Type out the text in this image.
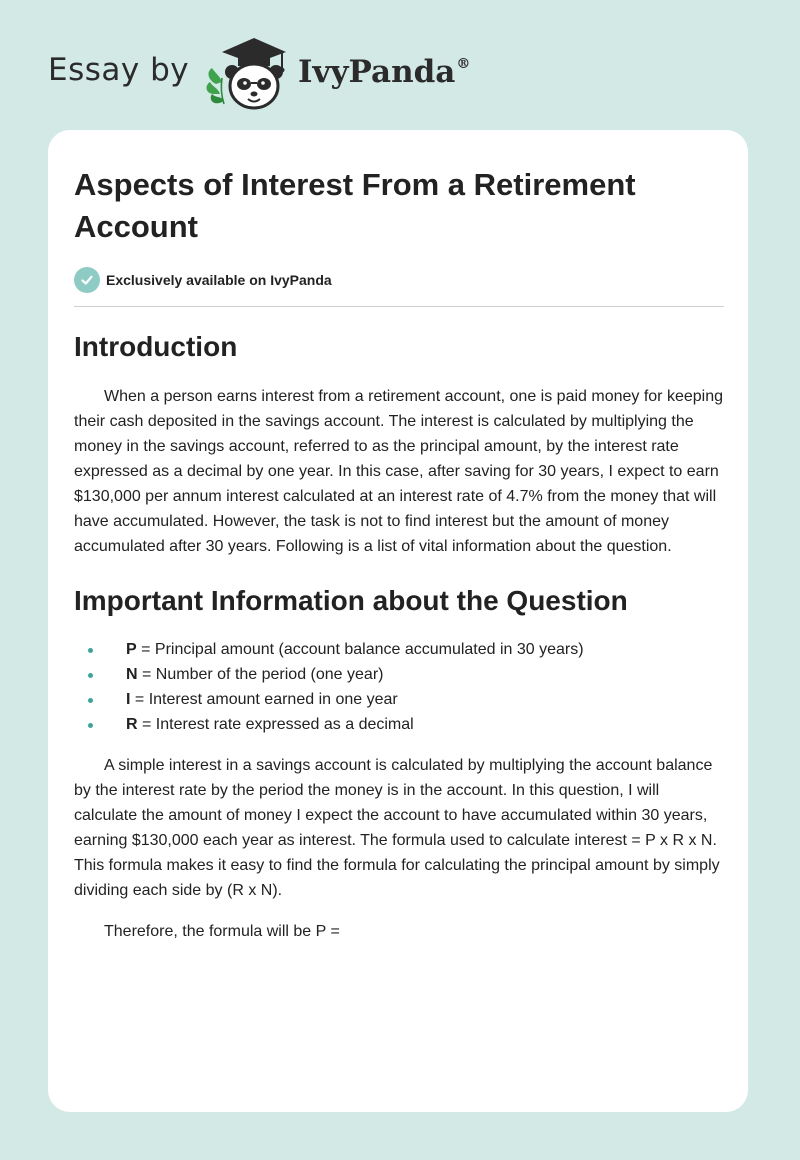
Essay by	IvyPanda®
Aspects of Interest From a Retirement Account
Exclusively available on IvyPanda
Introduction

When a person earns interest from a retirement account, one is paid money for keeping their cash deposited in the savings account. The interest is calculated by multiplying the money in the savings account, referred to as the principal amount, by the interest rate expressed as a decimal by one year. In this case, after saving for 30 years, I expect to earn $130,000 per annum interest calculated at an interest rate of 4.7% from the money that will have accumulated. However, the task is not to find interest but the amount of money accumulated after 30 years. Following is a list of vital information about the question.

Important Information about the Question
P = Principal amount (account balance accumulated in 30 years)
N = Number of the period (one year)
I = Interest amount earned in one year
R = Interest rate expressed as a decimal

A simple interest in a savings account is calculated by multiplying the account balance by the interest rate by the period the money is in the account. In this question, I will calculate the amount of money I expect the account to have accumulated within 30 years, earning $130,000 each year as interest. The formula used to calculate interest = P x R x N. This formula makes it easy to find the formula for calculating the principal amount by simply dividing each side by (R x N).

Therefore, the formula will be P =
